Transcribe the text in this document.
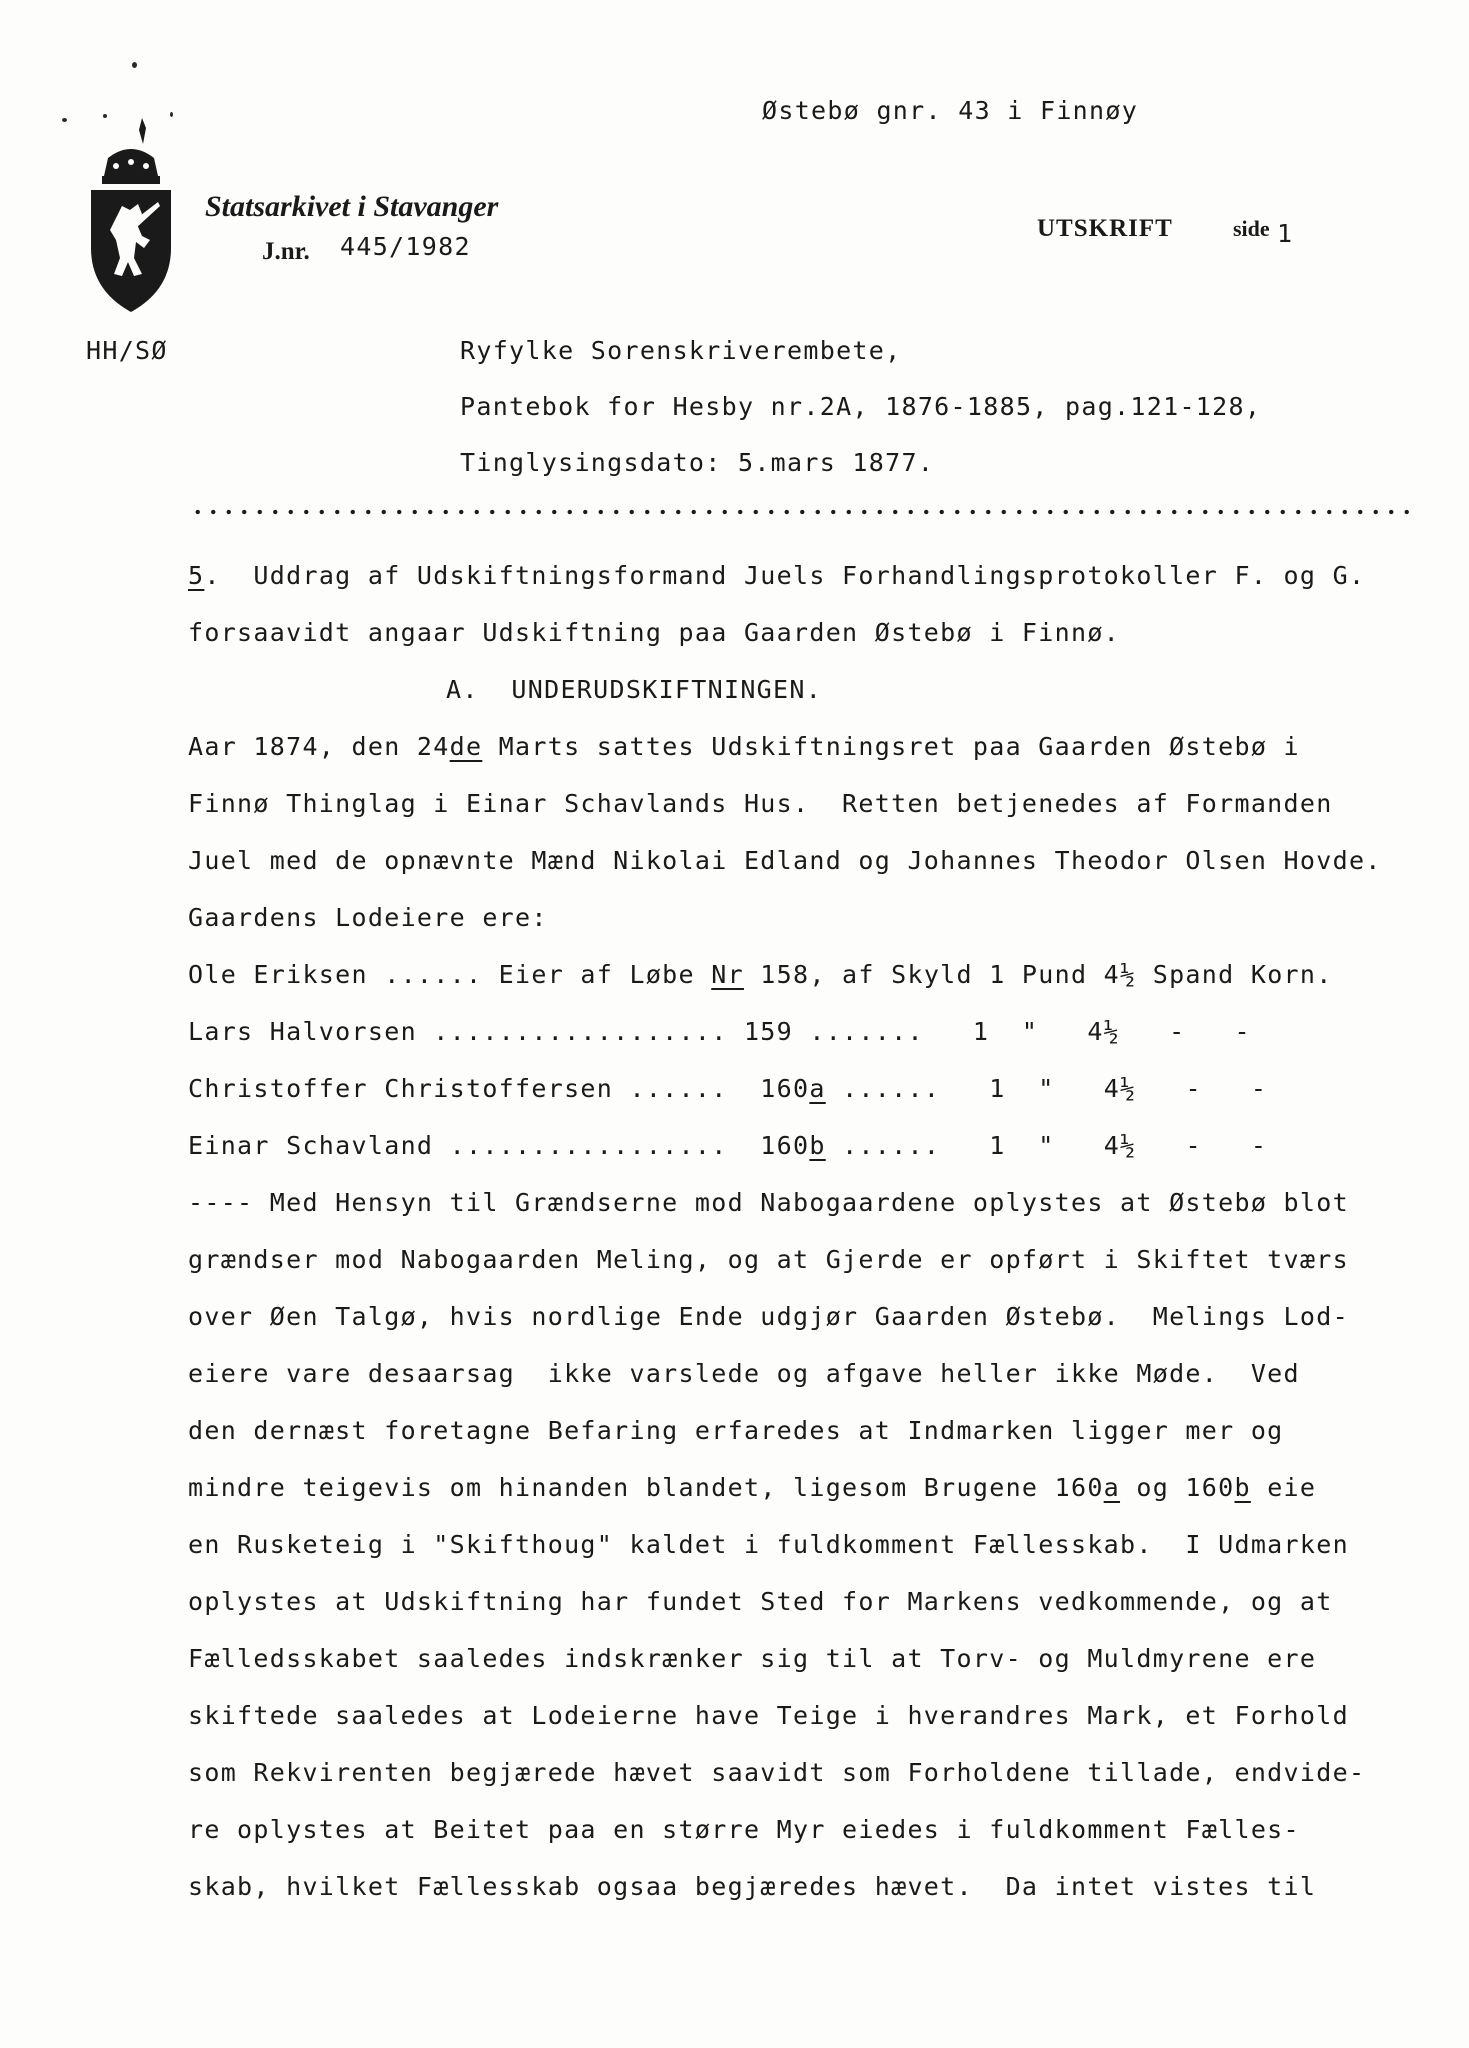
Statsarkivet i Stavanger
J.nr. 445/1982
Østebø gnr. 43 i Finnøy
UTSKRIFT	side 1
HH/SØ	Ryfylke Sorenskriverembete,
Pantebok for Hesby nr.2A, 1876-1885, pag.121-128,
Tinglysingsdato: 5.mars 1877.
5.  Uddrag af Udskiftningsformand Juels Forhandlingsprotokoller F. og G.
forsaavidt angaar Udskiftning paa Gaarden Østebø i Finnø.
A.  UNDERUDSKIFTNINGEN.
Aar 1874, den 24de Marts sattes Udskiftningsret paa Gaarden Østebø i
Finnø Thinglag i Einar Schavlands Hus.  Retten betjenedes af Formanden
Juel med de opnævnte Mænd Nikolai Edland og Johannes Theodor Olsen Hovde.
Gaardens Lodeiere ere:
Ole Eriksen ...... Eier af Løbe Nr 158, af Skyld 1 Pund 4½ Spand Korn.
Lars Halvorsen .................. 159 .......   1  "   4½   -   -
Christoffer Christoffersen ......  160a ......   1  "   4½   -   -
Einar Schavland .................  160b ......   1  "   4½   -   -
---- Med Hensyn til Grændserne mod Nabogaardene oplystes at Østebø blot
grændser mod Nabogaarden Meling, og at Gjerde er opført i Skiftet tværs
over Øen Talgø, hvis nordlige Ende udgjør Gaarden Østebø.  Melings Lod-
eiere vare desaarsag  ikke varslede og afgave heller ikke Møde.  Ved
den dernæst foretagne Befaring erfaredes at Indmarken ligger mer og
mindre teigevis om hinanden blandet, ligesom Brugene 160a og 160b eie
en Rusketeig i "Skifthoug" kaldet i fuldkomment Fællesskab.  I Udmarken
oplystes at Udskiftning har fundet Sted for Markens vedkommende, og at
Fælledsskabet saaledes indskrænker sig til at Torv- og Muldmyrene ere
skiftede saaledes at Lodeierne have Teige i hverandres Mark, et Forhold
som Rekvirenten begjærede hævet saavidt som Forholdene tillade, endvide-
re oplystes at Beitet paa en større Myr eiedes i fuldkomment Fælles-
skab, hvilket Fællesskab ogsaa begjæredes hævet.  Da intet vistes til
